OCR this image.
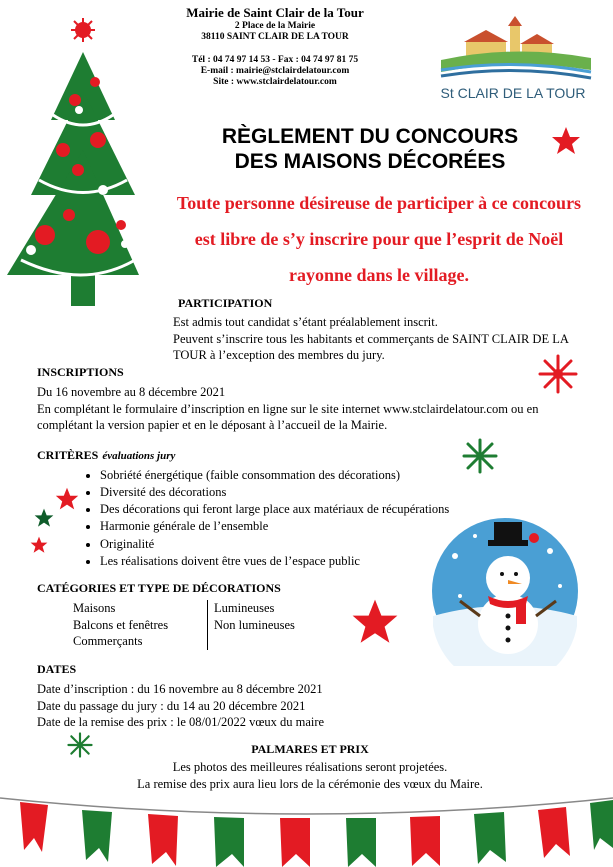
Mairie de Saint Clair de la Tour
2 Place de la Mairie
38110 SAINT CLAIR DE LA TOUR
Tél : 04 74 97 14 53 - Fax : 04 74 97 81 75
E-mail : mairie@stclairdelatour.com
Site : www.stclairdelatour.com
St CLAIR DE LA TOUR
RÈGLEMENT DU CONCOURS
DES MAISONS DÉCORÉES
Toute personne désireuse de participer à ce concours est libre de s’y inscrire pour que l’esprit de Noël rayonne dans le village.
PARTICIPATION
Est admis tout candidat s’étant préalablement inscrit.
Peuvent s’inscrire tous les habitants et commerçants de SAINT CLAIR DE LA TOUR à l’exception des membres du jury.
INSCRIPTIONS
Du 16 novembre au 8 décembre 2021
En complétant le formulaire d’inscription en ligne sur le site internet www.stclairdelatour.com ou en complétant la version papier et en le déposant à l’accueil de la Mairie.
CRITÈRES évaluations jury
• Sobriété énergétique (faible consommation des décorations)
• Diversité des décorations
• Des décorations qui feront large place aux matériaux de récupérations
• Harmonie générale de l’ensemble
• Originalité
• Les réalisations doivent être vues de l’espace public
CATÉGORIES ET TYPE DE DÉCORATIONS
Maisons
Balcons et fenêtres
Commerçants
Lumineuses
Non lumineuses
DATES
Date d’inscription : du 16 novembre au 8 décembre 2021
Date du passage du jury : du 14 au 20 décembre 2021
Date de la remise des prix : le 08/01/2022 vœux du maire
PALMARES ET PRIX
Les photos des meilleures réalisations seront projetées.
La remise des prix aura lieu lors de la cérémonie des vœux du Maire.
